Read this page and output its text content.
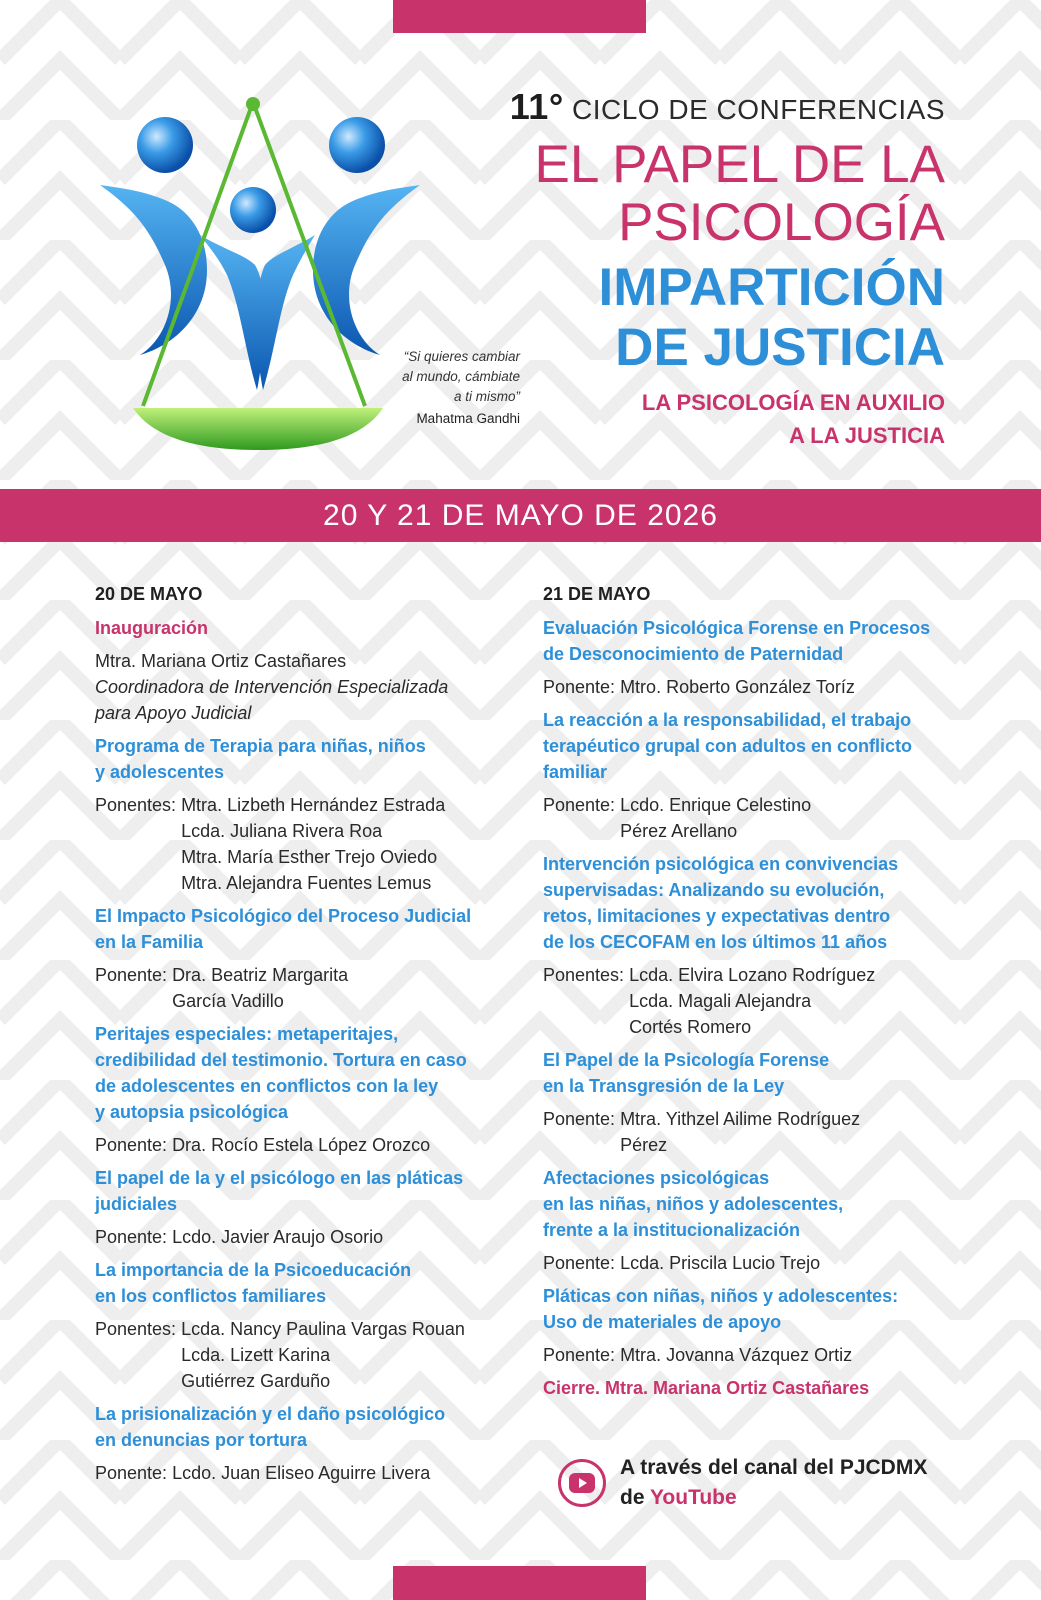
“Si quieres cambiar
al mundo, cámbiate
a ti mismo”
Mahatma Gandhi
11° CICLO DE CONFERENCIAS
EL PAPEL DE LA
PSICOLOGÍA
IMPARTICIÓN
DE JUSTICIA
LA PSICOLOGÍA EN AUXILIO
A LA JUSTICIA
20 Y 21 DE MAYO DE 2026
20 DE MAYO
Inauguración
Mtra. Mariana Ortiz Castañares
Coordinadora de Intervención Especializada
para Apoyo Judicial
Programa de Terapia para niñas, niños
y adolescentes
Ponentes: Mtra. Lizbeth Hernández Estrada
Lcda. Juliana Rivera Roa
Mtra. María Esther Trejo Oviedo
Mtra. Alejandra Fuentes Lemus
El Impacto Psicológico del Proceso Judicial
en la Familia
Ponente: Dra. Beatriz Margarita
García Vadillo
Peritajes especiales: metaperitajes,
credibilidad del testimonio. Tortura en caso
de adolescentes en conflictos con la ley
y autopsia psicológica
Ponente: Dra. Rocío Estela López Orozco
El papel de la y el psicólogo en las pláticas
judiciales
Ponente: Lcdo. Javier Araujo Osorio
La importancia de la Psicoeducación
en los conflictos familiares
Ponentes: Lcda. Nancy Paulina Vargas Rouan
Lcda. Lizett Karina
Gutiérrez Garduño
La prisionalización y el daño psicológico
en denuncias por tortura
Ponente: Lcdo. Juan Eliseo Aguirre Livera
21 DE MAYO
Evaluación Psicológica Forense en Procesos
de Desconocimiento de Paternidad
Ponente: Mtro. Roberto González Toríz
La reacción a la responsabilidad, el trabajo
terapéutico grupal con adultos en conflicto
familiar
Ponente: Lcdo. Enrique Celestino
Pérez Arellano
Intervención psicológica en convivencias
supervisadas: Analizando su evolución,
retos, limitaciones y expectativas dentro
de los CECOFAM en los últimos 11 años
Ponentes: Lcda. Elvira Lozano Rodríguez
Lcda. Magali Alejandra
Cortés Romero
El Papel de la Psicología Forense
en la Transgresión de la Ley
Ponente: Mtra. Yithzel Ailime Rodríguez
Pérez
Afectaciones psicológicas
en las niñas, niños y adolescentes,
frente a la institucionalización
Ponente: Lcda. Priscila Lucio Trejo
Pláticas con niñas, niños y adolescentes:
Uso de materiales de apoyo
Ponente: Mtra. Jovanna Vázquez Ortiz
Cierre. Mtra. Mariana Ortiz Castañares
A través del canal del PJCDMX
de YouTube
